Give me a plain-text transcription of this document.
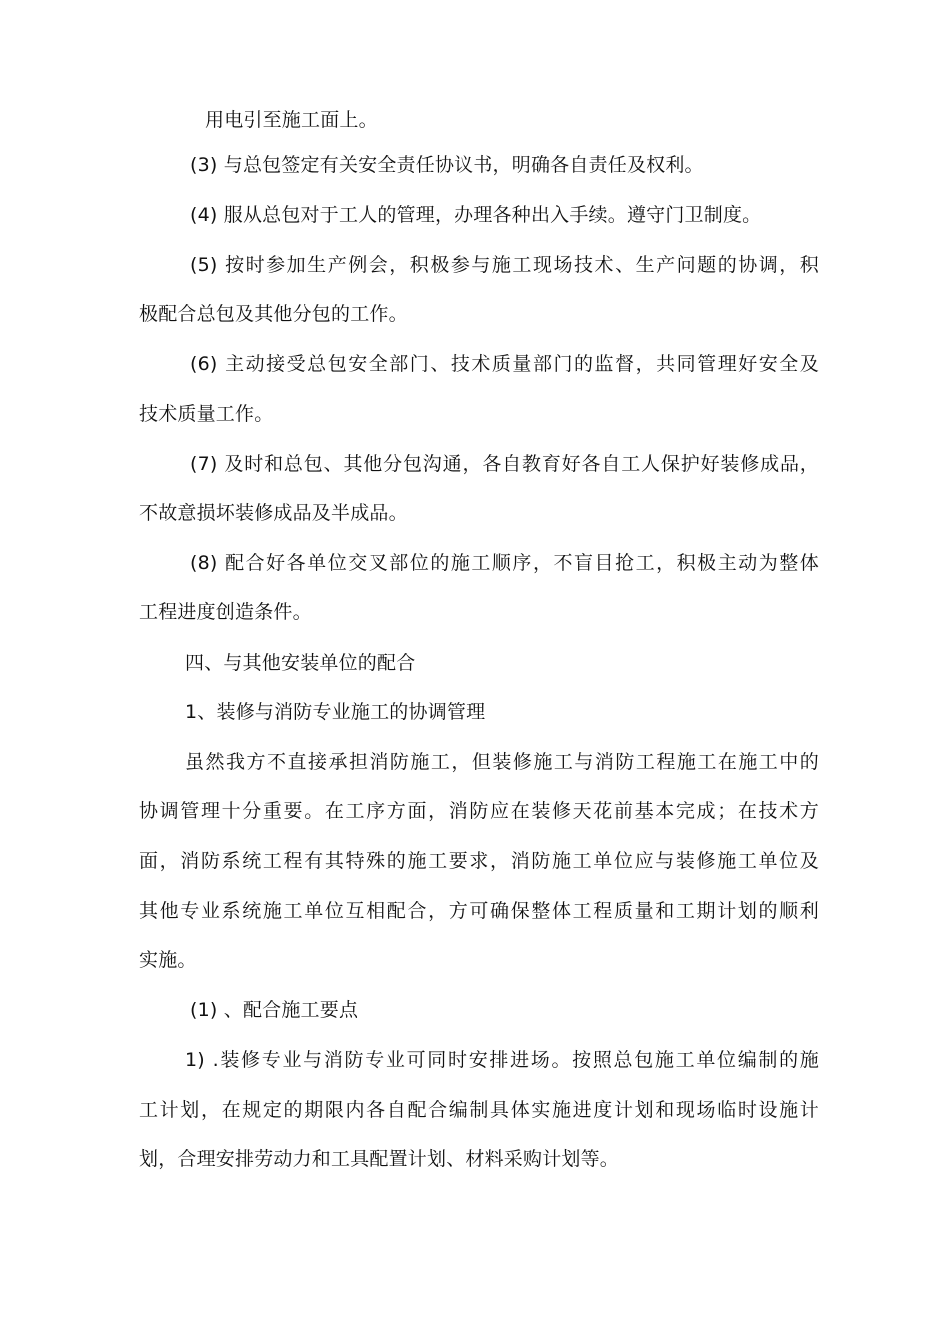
用电引至施工面上。
(3) 与总包签定有关安全责任协议书，明确各自责任及权利。
(4) 服从总包对于工人的管理，办理各种出入手续。遵守门卫制度。
(5) 按时参加生产例会，积极参与施工现场技术、生产问题的协调，积
极配合总包及其他分包的工作。
(6) 主动接受总包安全部门、技术质量部门的监督，共同管理好安全及
技术质量工作。
(7) 及时和总包、其他分包沟通，各自教育好各自工人保护好装修成品，
不故意损坏装修成品及半成品。
(8) 配合好各单位交叉部位的施工顺序，不盲目抢工，积极主动为整体
工程进度创造条件。
四、与其他安装单位的配合
1、装修与消防专业施工的协调管理
虽然我方不直接承担消防施工，但装修施工与消防工程施工在施工中的
协调管理十分重要。在工序方面，消防应在装修天花前基本完成；在技术方
面，消防系统工程有其特殊的施工要求，消防施工单位应与装修施工单位及
其他专业系统施工单位互相配合，方可确保整体工程质量和工期计划的顺利
实施。
(1) 、配合施工要点
1) .装修专业与消防专业可同时安排进场。按照总包施工单位编制的施
工计划，在规定的期限内各自配合编制具体实施进度计划和现场临时设施计
划，合理安排劳动力和工具配置计划、材料采购计划等。
